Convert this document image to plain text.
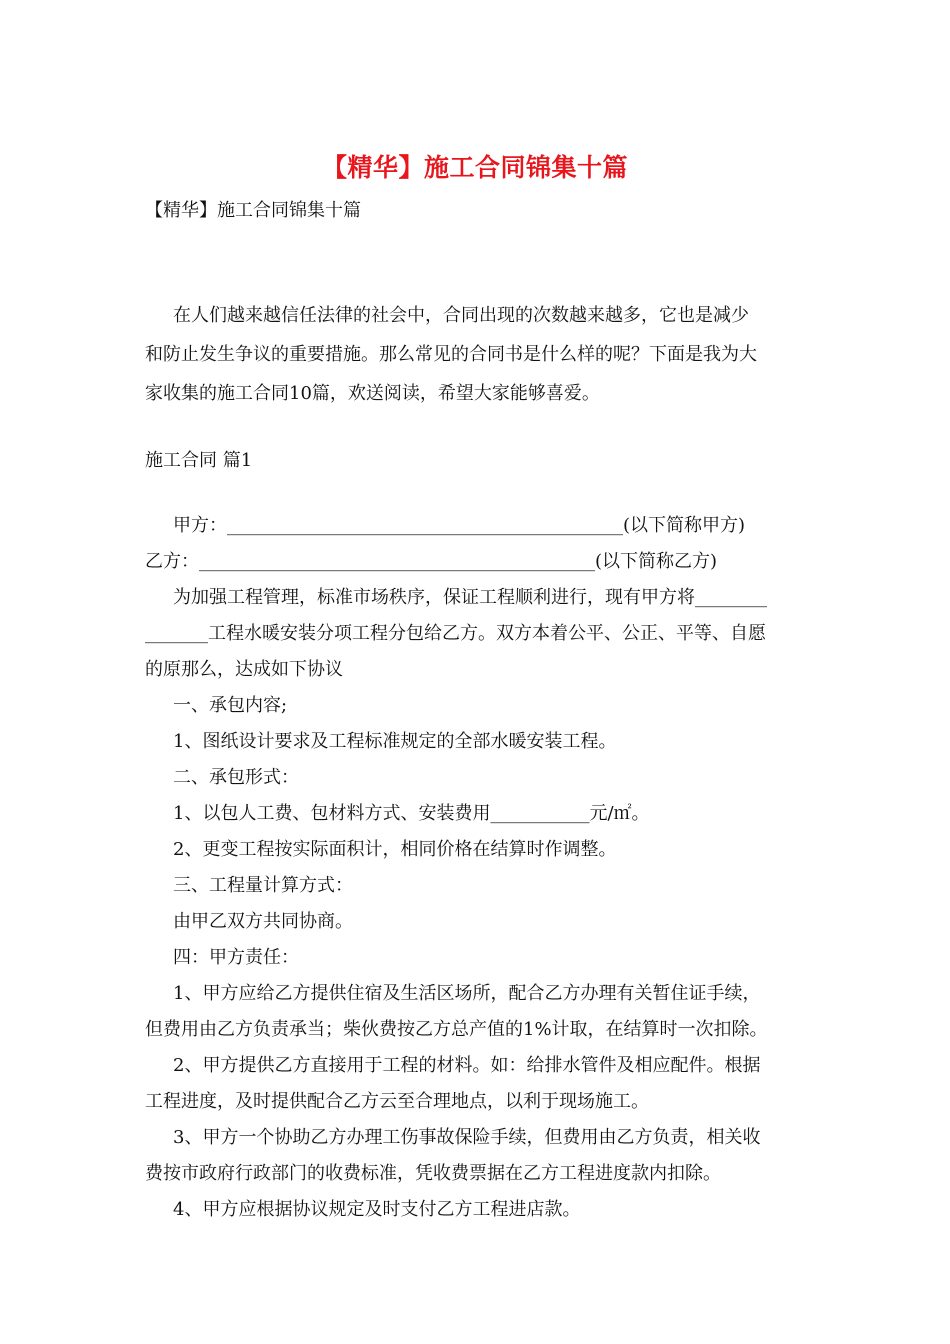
【精华】施工合同锦集十篇
【精华】施工合同锦集十篇
在人们越来越信任法律的社会中，合同出现的次数越来越多，它也是减少
和防止发生争议的重要措施。那么常见的合同书是什么样的呢？下面是我为大
家收集的施工合同10篇，欢送阅读，希望大家能够喜爱。
施工合同 篇1
甲方：____________________________________________(以下简称甲方)
乙方：____________________________________________(以下简称乙方)
为加强工程管理，标准市场秩序，保证工程顺利进行，现有甲方将________
_______工程水暖安装分项工程分包给乙方。双方本着公平、公正、平等、自愿
的原那么，达成如下协议
一、承包内容;
1、图纸设计要求及工程标准规定的全部水暖安装工程。
二、承包形式：
1、以包人工费、包材料方式、安装费用___________元/㎡。
2、更变工程按实际面积计，相同价格在结算时作调整。
三、工程量计算方式：
由甲乙双方共同协商。
四：甲方责任：
1、甲方应给乙方提供住宿及生活区场所，配合乙方办理有关暂住证手续，
但费用由乙方负责承当；柴伙费按乙方总产值的1%计取，在结算时一次扣除。
2、甲方提供乙方直接用于工程的材料。如：给排水管件及相应配件。根据
工程进度，及时提供配合乙方云至合理地点，以利于现场施工。
3、甲方一个协助乙方办理工伤事故保险手续，但费用由乙方负责，相关收
费按市政府行政部门的收费标准，凭收费票据在乙方工程进度款内扣除。
4、甲方应根据协议规定及时支付乙方工程进店款。
